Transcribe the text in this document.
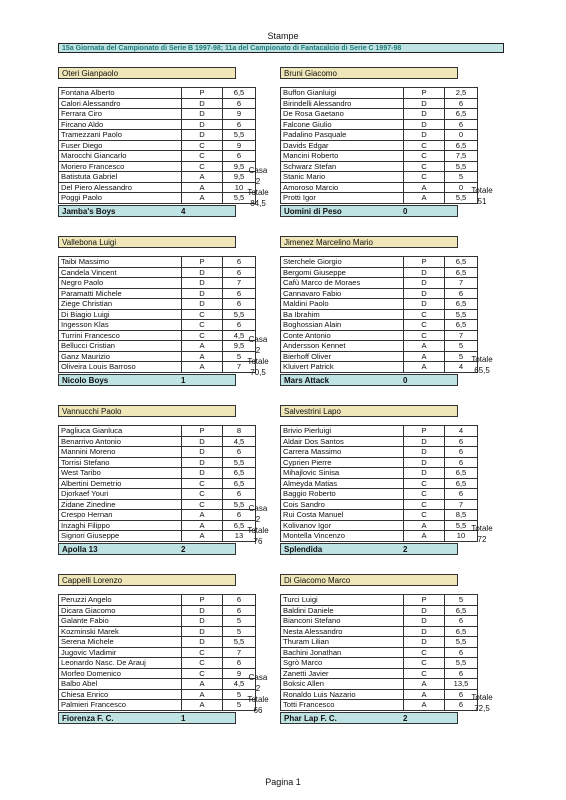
Stampe
15a Giornata del Campionato di Serie B 1997-98; 11a del Campionato di Fantacalcio di Serie C 1997-98
Oteri Gianpaolo
Fontana Alberto	P	6,5
Calori Alessandro	D	6
Ferrara Ciro	D	9
Fircano Aldo	D	6
Tramezzani Paolo	D	5,5
Fuser Diego	C	9
Marocchi Giancarlo	C	6
Moriero Francesco	C	9,5
Batistuta Gabriel	A	9,5
Del Piero Alessandro	A	10
Poggi Paolo	A	5,5
Jamba's Boys	4
Casa
2
Totale
84,5
Bruni Giacomo
Buffon Gianluigi	P	2,5
Birindelli Alessandro	D	6
De Rosa Gaetano	D	6,5
Falcone Giulio	D	6
Padalino Pasquale	D	0
Davids Edgar	C	6,5
Mancini Roberto	C	7,5
Schwarz Stefan	C	5,5
Stanic Mario	C	5
Amoroso Marcio	A	0
Protti Igor	A	5,5
Uomini di Peso	0
Totale
51
Vallebona Luigi
Taibi Massimo	P	6
Candela Vincent	D	6
Negro Paolo	D	7
Paramatti Michele	D	6
Ziege Christian	D	6
Di Biagio Luigi	C	5,5
Ingesson Klas	C	6
Turrini Francesco	C	4,5
Bellucci Cristian	A	9,5
Ganz Maurizio	A	5
Oliveira Louis Barroso	A	7
Nicolo Boys	1
Casa
2
Totale
70,5
Jimenez Marcelino Mario
Sterchele Giorgio	P	6,5
Bergomi Giuseppe	D	6,5
Cafù Marco de Moraes	D	7
Cannavaro Fabio	D	6
Maldini Paolo	D	6,5
Ba Ibrahim	C	5,5
Boghossian Alain	C	6,5
Conte Antonio	C	7
Andersson Kennet	A	5
Bierhoff Oliver	A	5
Kluivert Patrick	A	4
Mars Attack	0
Totale
65,5
Vannucchi Paolo
Pagliuca Gianluca	P	8
Benarrivo Antonio	D	4,5
Mannini Moreno	D	6
Torrisi Stefano	D	5,5
West Taribo	D	6,5
Albertini Demetrio	C	6,5
Djorkaef Youri	C	6
Zidane Zinedine	C	5,5
Crespo Hernan	A	6
Inzaghi Filippo	A	6,5
Signori Giuseppe	A	13
Apolla 13	2
Casa
2
Totale
76
Salvestrini Lapo
Brivio Pierluigi	P	4
Aldair Dos Santos	D	6
Carrera Massimo	D	6
Cyprien Pierre	D	6
Mihajlovic Sinisa	D	6,5
Almeyda Matias	C	6,5
Baggio Roberto	C	6
Cois Sandro	C	7
Rui Costa Manuel	C	8,5
Kolivanov Igor	A	5,5
Montella Vincenzo	A	10
Splendida	2
Totale
72
Cappelli Lorenzo
Peruzzi Angelo	P	6
Dicara Giacomo	D	6
Galante Fabio	D	5
Kozminski Marek	D	5
Serena Michele	D	5,5
Jugovic Vladimir	C	7
Leonardo Nasc. De Arauj	C	6
Morfeo Domenico	C	9
Balbo Abel	A	4,5
Chiesa Enrico	A	5
Palmieri Francesco	A	5
Fiorenza F. C.	1
Casa
2
Totale
66
Di Giacomo Marco
Turci Luigi	P	5
Baldini Daniele	D	6,5
Bianconi Stefano	D	6
Nesta Alessandro	D	6,5
Thuram Lilian	D	5,5
Bachini Jonathan	C	6
Sgrò Marco	C	5,5
Zanetti Javier	C	6
Boksic Allen	A	13,5
Ronaldo Luis Nazario	A	6
Totti Francesco	A	6
Phar Lap F. C.	2
Totale
72,5
Pagina 1
